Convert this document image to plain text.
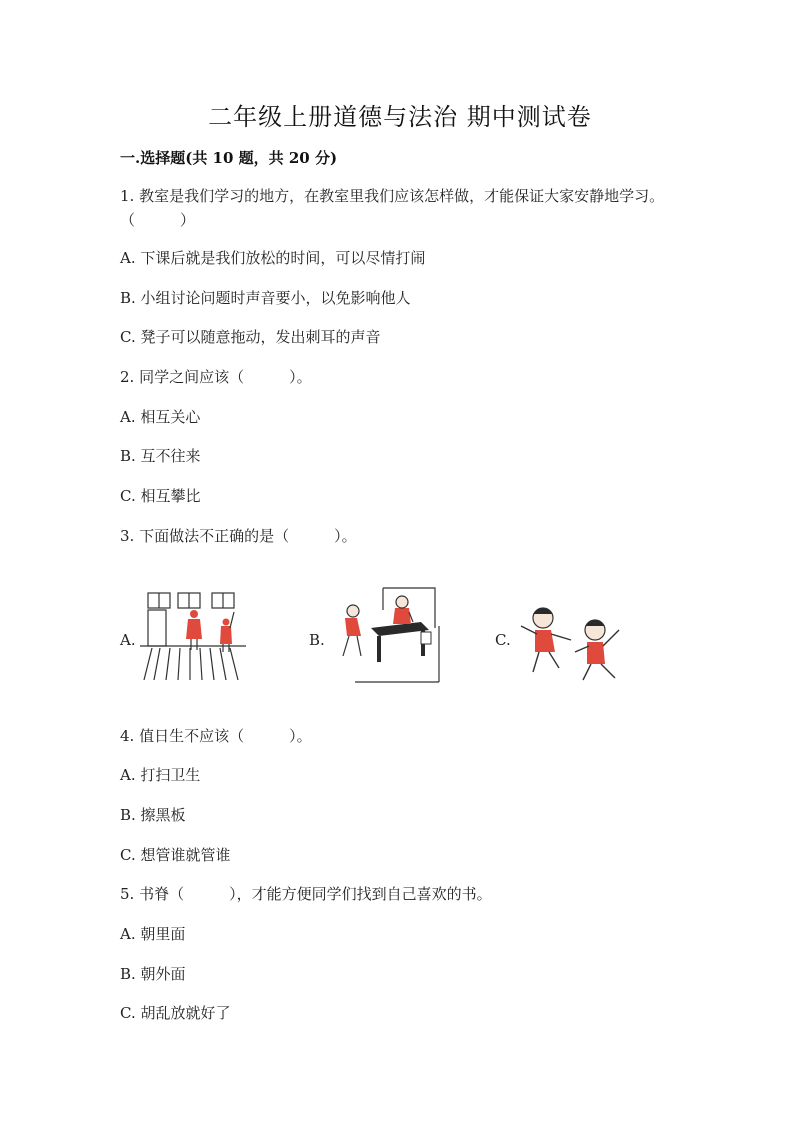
二年级上册道德与法治 期中测试卷
一.选择题(共 10 题，共 20 分)
1. 教室是我们学习的地方，在教室里我们应该怎样做，才能保证大家安静地学习。（　　　）
A. 下课后就是我们放松的时间，可以尽情打闹
B. 小组讨论问题时声音要小，以免影响他人
C. 凳子可以随意拖动，发出刺耳的声音
2. 同学之间应该（　　　）。
A. 相互关心
B. 互不往来
C. 相互攀比
3. 下面做法不正确的是（　　　）。
A.	B.	C.
4. 值日生不应该（　　　）。
A. 打扫卫生
B. 擦黑板
C. 想管谁就管谁
5. 书脊（　　　），才能方便同学们找到自己喜欢的书。
A. 朝里面
B. 朝外面
C. 胡乱放就好了
